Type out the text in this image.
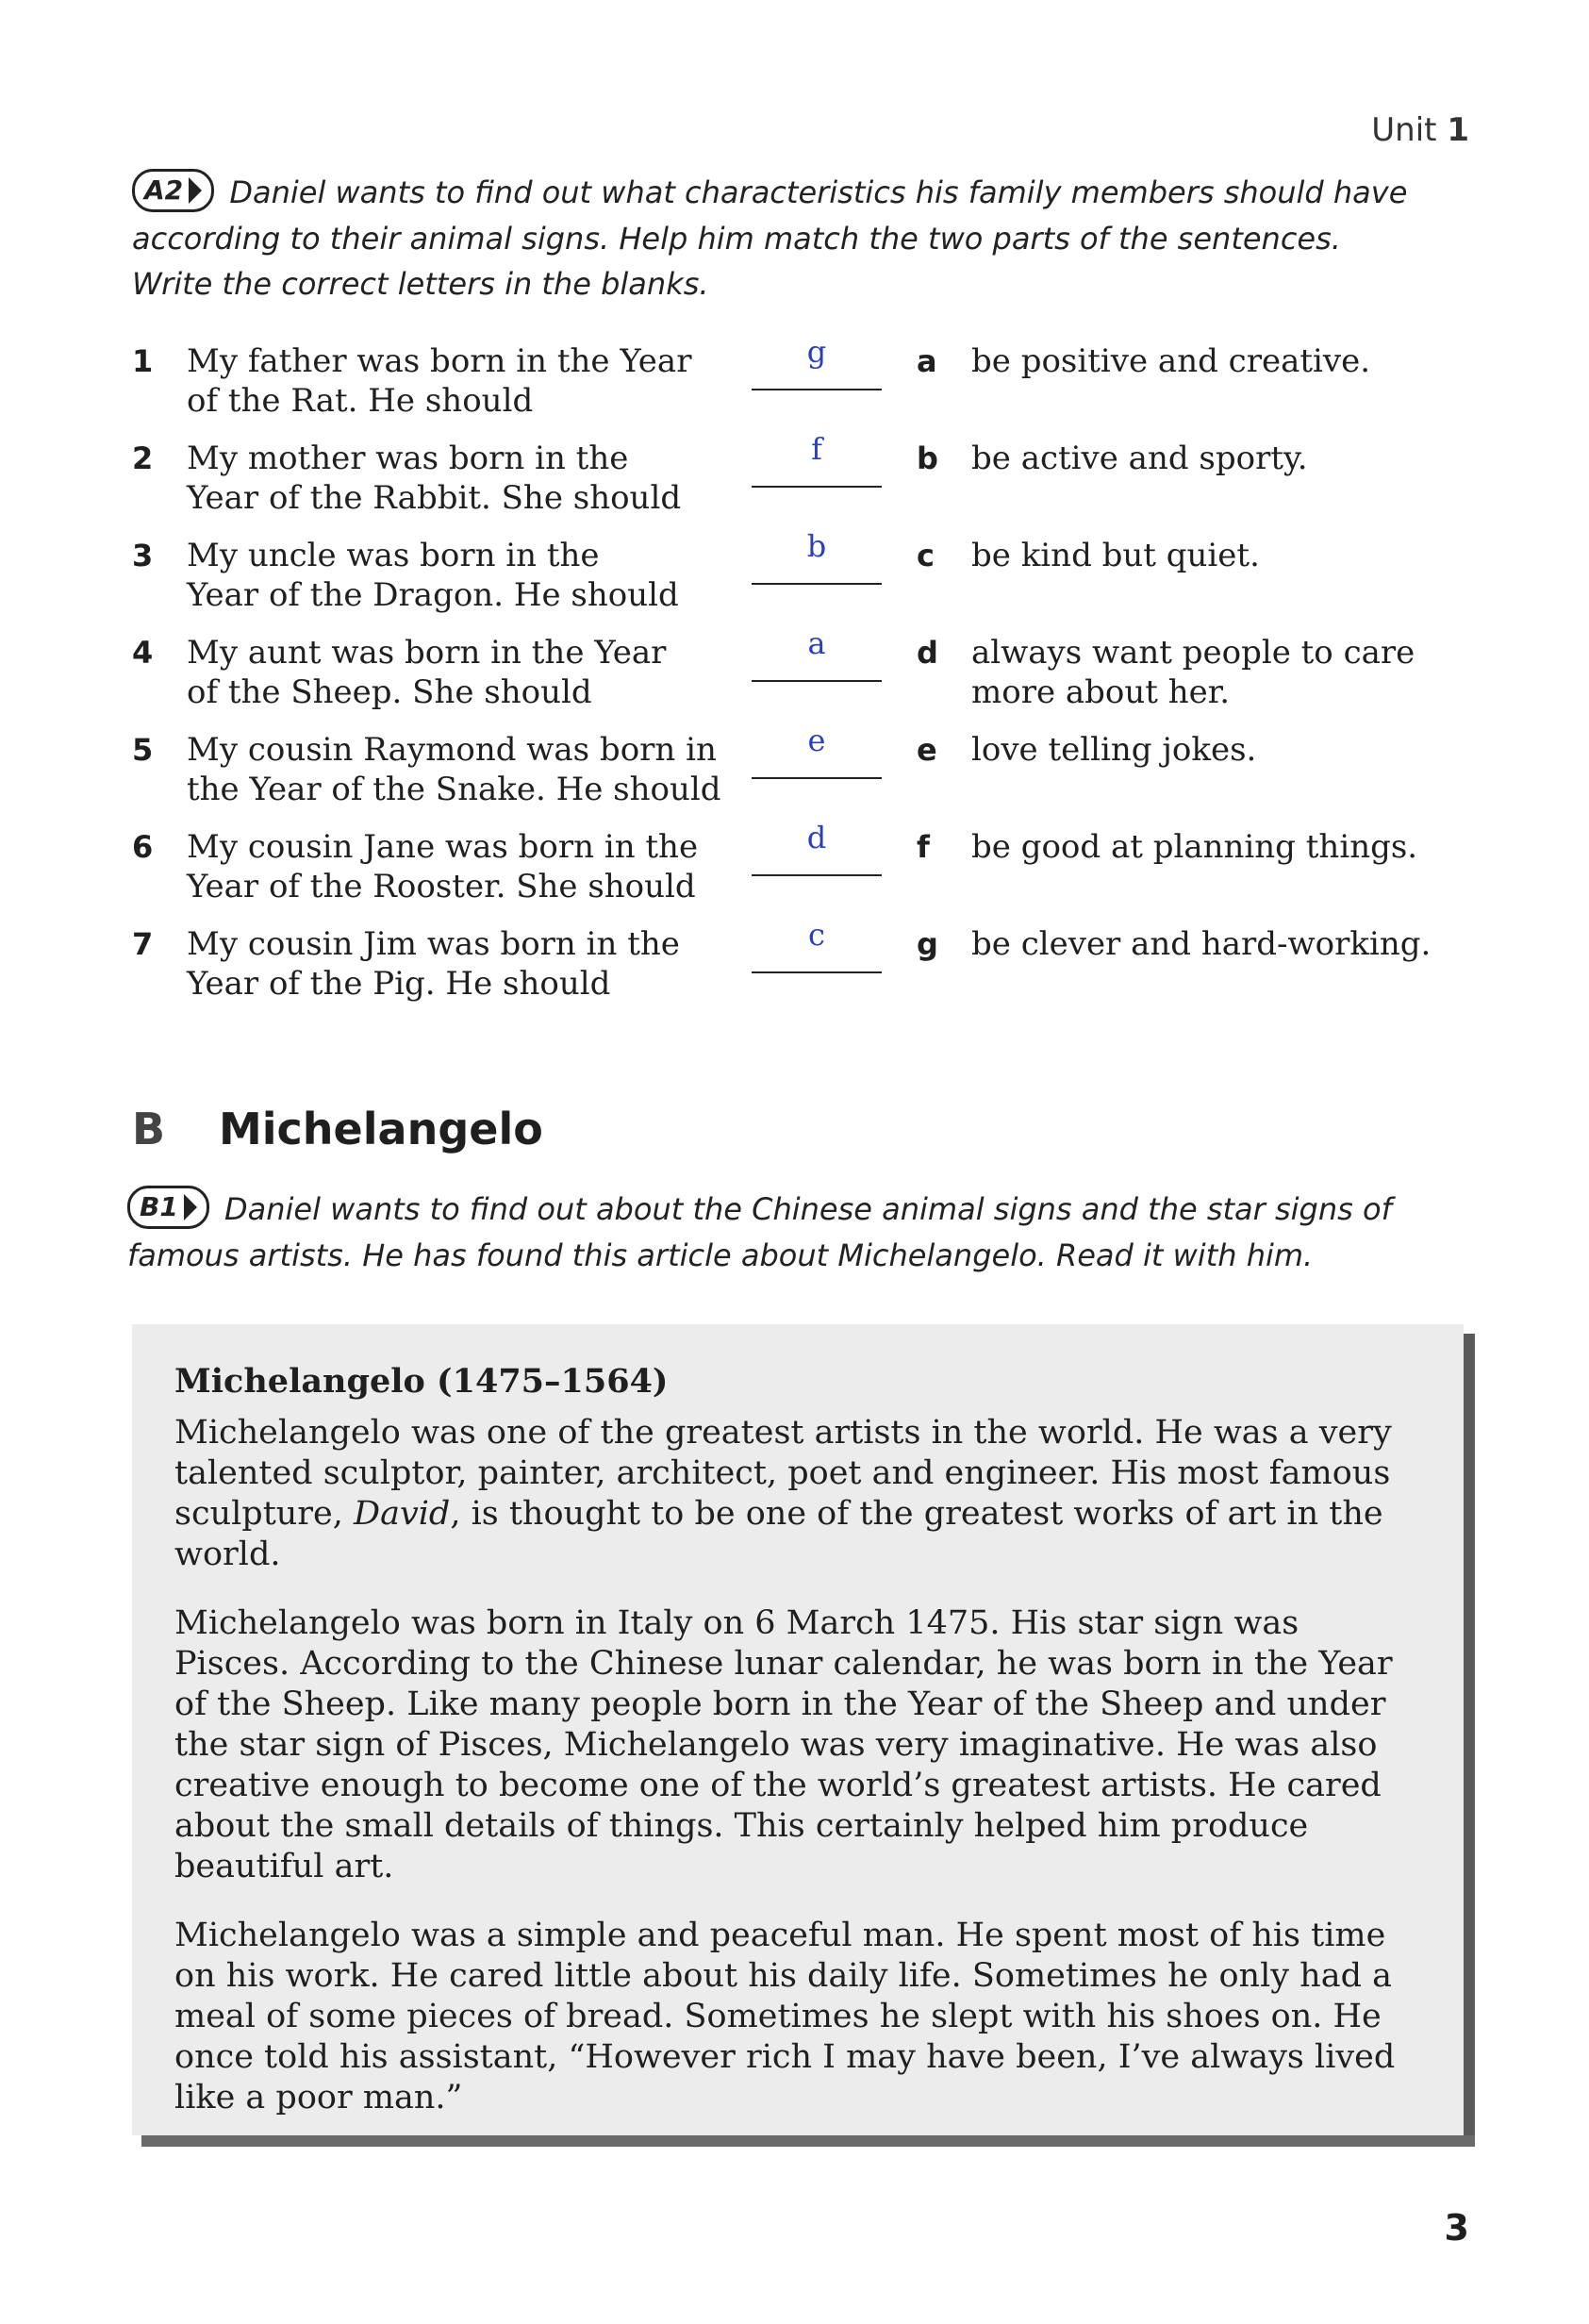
Unit 1

A2 Daniel wants to find out what characteristics his family members should have

according to their animal signs. Help him match the two parts of the sentences.

Write the correct letters in the blanks.

1 My father was born in the Year
of the Rat. He should
g	a be positive and creative.
2 My mother was born in the
Year of the Rabbit. She should
f	b be active and sporty.
3 My uncle was born in the
Year of the Dragon. He should
b	c be kind but quiet.
4 My aunt was born in the Year
of the Sheep. She should
a	d always want people to care
more about her.
5 My cousin Raymond was born in
the Year of the Snake. He should
e	e love telling jokes.
6 My cousin Jane was born in the
Year of the Rooster. She should
d	f be good at planning things.
7 My cousin Jim was born in the
Year of the Pig. He should
c	g be clever and hard-working.
B Michelangelo

B1 Daniel wants to find out about the Chinese animal signs and the star signs of

famous artists. He has found this article about Michelangelo. Read it with him.

Michelangelo (1475–1564)

Michelangelo was one of the greatest artists in the world. He was a very talented sculptor, painter, architect, poet and engineer. His most famous sculpture, David, is thought to be one of the greatest works of art in the world.

Michelangelo was born in Italy on 6 March 1475. His star sign was Pisces. According to the Chinese lunar calendar, he was born in the Year of the Sheep. Like many people born in the Year of the Sheep and under the star sign of Pisces, Michelangelo was very imaginative. He was also creative enough to become one of the world’s greatest artists. He cared about the small details of things. This certainly helped him produce beautiful art.

Michelangelo was a simple and peaceful man. He spent most of his time on his work. He cared little about his daily life. Sometimes he only had a meal of some pieces of bread. Sometimes he slept with his shoes on. He once told his assistant, “However rich I may have been, I’ve always lived like a poor man.”

3
